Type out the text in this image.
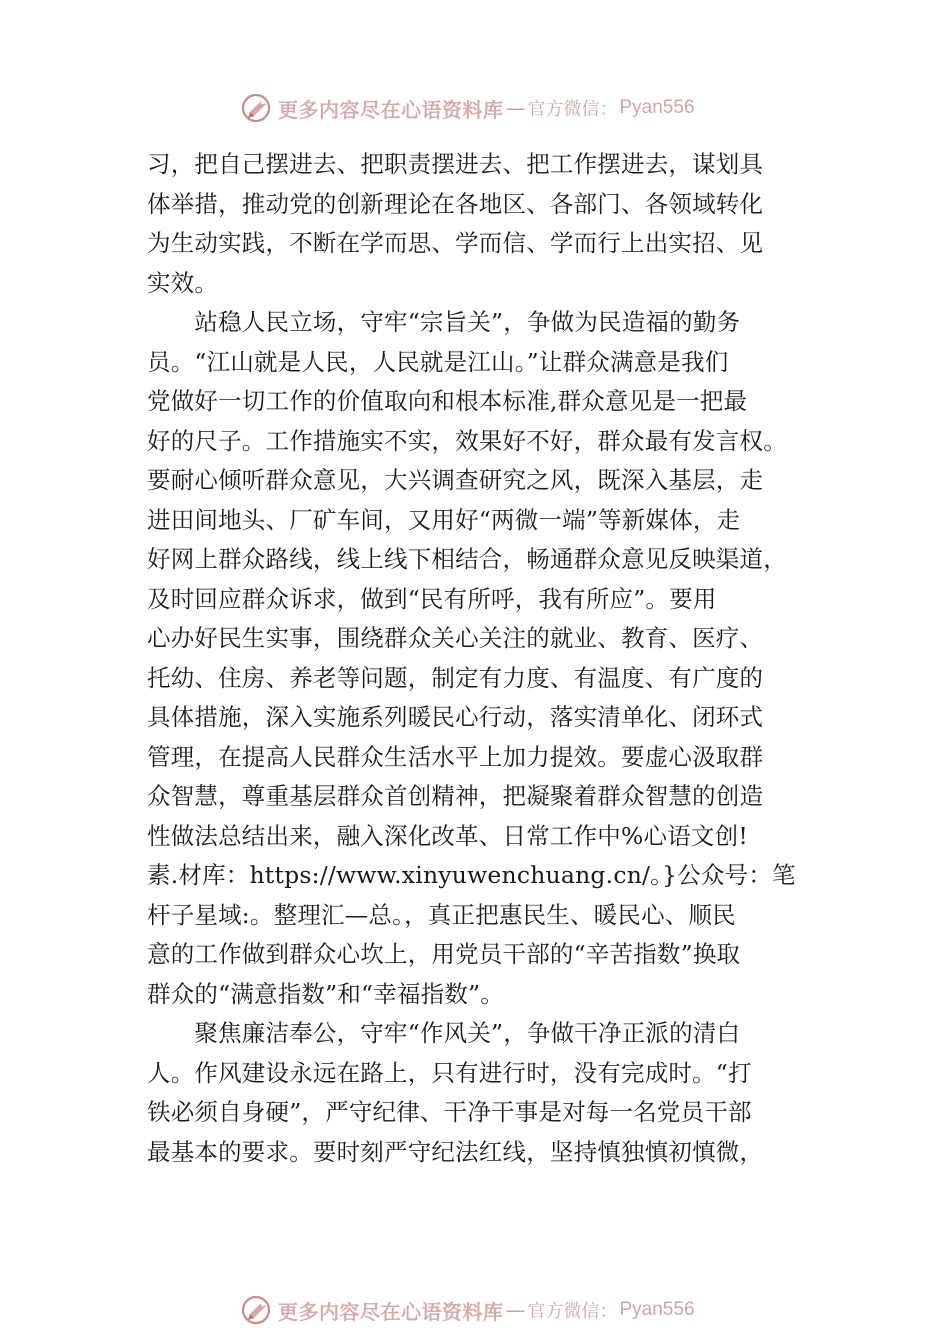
更多内容尽在心语资料库 — 官方微信： Pyan556
习，把自己摆进去、把职责摆进去、把工作摆进去，谋划具
体举措，推动党的创新理论在各地区、各部门、各领域转化
为生动实践，不断在学而思、学而信、学而行上出实招、见
实效。
　　站稳人民立场，守牢“宗旨关”，争做为民造福的勤务
员。“江山就是人民，人民就是江山。”让群众满意是我们
党做好一切工作的价值取向和根本标准,群众意见是一把最
好的尺子。工作措施实不实，效果好不好，群众最有发言权。
要耐心倾听群众意见，大兴调查研究之风，既深入基层，走
进田间地头、厂矿车间，又用好“两微一端”等新媒体，走
好网上群众路线，线上线下相结合，畅通群众意见反映渠道，
及时回应群众诉求，做到“民有所呼，我有所应”。要用
心办好民生实事，围绕群众关心关注的就业、教育、医疗、
托幼、住房、养老等问题，制定有力度、有温度、有广度的
具体措施，深入实施系列暖民心行动，落实清单化、闭环式
管理，在提高人民群众生活水平上加力提效。要虚心汲取群
众智慧，尊重基层群众首创精神，把凝聚着群众智慧的创造
性做法总结出来，融入深化改革、日常工作中%心语文创!
素.材库：https://www.xinyuwenchuang.cn/。}公众号：笔
杆子星域:。整理汇—总。，真正把惠民生、暖民心、顺民
意的工作做到群众心坎上，用党员干部的“辛苦指数”换取
群众的“满意指数”和“幸福指数”。
　　聚焦廉洁奉公，守牢“作风关”，争做干净正派的清白
人。作风建设永远在路上，只有进行时，没有完成时。“打
铁必须自身硬”，严守纪律、干净干事是对每一名党员干部
最基本的要求。要时刻严守纪法红线，坚持慎独慎初慎微，
更多内容尽在心语资料库 — 官方微信： Pyan556
